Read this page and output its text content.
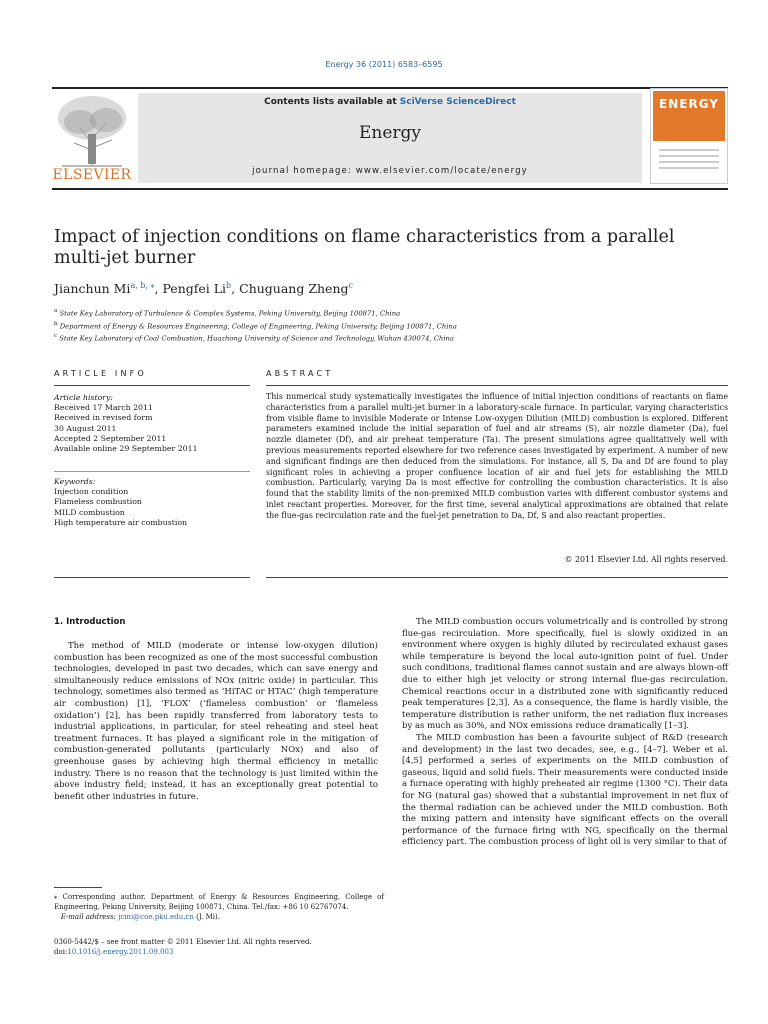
Energy 36 (2011) 6583–6595
ELSEVIER
Contents lists available at SciVerse ScienceDirect
Energy
journal homepage: www.elsevier.com/locate/energy
ENERGY
Impact of injection conditions on flame characteristics from a parallel multi-jet burner
Jianchun $Mi^{a, b, ⁎}$, Pengfei Li$^b$, Chuguang Zheng$^c$
$^a$ State Key Laboratory of Turbulence & Complex Systems, Peking University, Beijing 100871, China
$^b$ Department of Energy & Resources Engineering, College of Engineering, Peking University, Beijing 100871, China
$^c$ State Key Laboratory of Coal Combustion, Huazhong University of Science and Technology, Wuhan 430074, China
ARTICLE INFO
Article history:
Received 17 March 2011
Received in revised form
30 August 2011
Accepted 2 September 2011
Available online 29 September 2011
Keywords:
Injection condition
Flameless combustion
MILD combustion
High temperature air combustion
ABSTRACT

This numerical study systematically investigates the influence of initial injection conditions of reactants on flame characteristics from a parallel multi-jet burner in a laboratory-scale furnace. In particular, varying characteristics from visible flame to invisible Moderate or Intense Low-oxygen Dilution (MILD) combustion is explored. Different parameters examined include the initial separation of fuel and air streams (S), air nozzle diameter (Da), fuel nozzle diameter (Df), and air preheat temperature (Ta). The present simulations agree qualitatively well with previous measurements reported elsewhere for two reference cases investigated by experiment. A number of new and significant findings are then deduced from the simulations. For instance, all S, Da and Df are found to play significant roles in achieving a proper confluence location of air and fuel jets for establishing the MILD combustion. Particularly, varying Da is most effective for controlling the combustion characteristics. It is also found that the stability limits of the non-premixed MILD combustion varies with different combustor systems and inlet reactant properties. Moreover, for the first time, several analytical approximations are obtained that relate the flue-gas recirculation rate and the fuel-jet penetration to Da, Df, S and also reactant properties.

© 2011 Elsevier Ltd. All rights reserved.
1. Introduction

The method of MILD (moderate or intense low-oxygen dilution) combustion has been recognized as one of the most successful combustion technologies, developed in past two decades, which can save energy and simultaneously reduce emissions of NOx (nitric oxide) in particular. This technology, sometimes also termed as ‘HiTAC or HTAC’ (high temperature air combustion) [1], ‘FLOX’ (‘flameless combustion’ or ‘flameless oxidation’) [2], has been rapidly transferred from laboratory tests to industrial applications, in particular, for steel reheating and steel heat treatment furnaces. It has played a significant role in the mitigation of combustion-generated pollutants (particularly NOx) and also of greenhouse gases by achieving high thermal efficiency in metallic industry. There is no reason that the technology is just limited within the above industry field; instead, it has an exceptionally great potential to benefit other industries in future.

The MILD combustion occurs volumetrically and is controlled by strong flue-gas recirculation. More specifically, fuel is slowly oxidized in an environment where oxygen is highly diluted by recirculated exhaust gases while temperature is beyond the local auto-ignition point of fuel. Under such conditions, traditional flames cannot sustain and are always blown-off due to either high jet velocity or strong internal flue-gas recirculation. Chemical reactions occur in a distributed zone with significantly reduced peak temperatures [2,3]. As a consequence, the flame is hardly visible, the temperature distribution is rather uniform, the net radiation flux increases by as much as 30%, and NOx emissions reduce dramatically [1–3].

The MILD combustion has been a favourite subject of R&D (research and development) in the last two decades, see, e.g., [4–7]. Weber et al. [4,5] performed a series of experiments on the MILD combustion of gaseous, liquid and solid fuels. Their measurements were conducted inside a furnace operating with highly preheated air regime (1300 °C). Their data for NG (natural gas) showed that a substantial improvement in net flux of the thermal radiation can be achieved under the MILD combustion. Both the mixing pattern and intensity have significant effects on the overall performance of the furnace firing with NG, specifically on the thermal efficiency part. The combustion process of light oil is very similar to that of

⁎ Corresponding author. Department of Energy & Resources Engineering, College of Engineering, Peking University, Beijing 100871, China. Tel./fax: +86 10 62767074.
E-mail address: jcmi@coe.pku.edu.cn (J. Mi).
0360-5442/$ – see front matter © 2011 Elsevier Ltd. All rights reserved.
doi:10.1016/j.energy.2011.09.003
